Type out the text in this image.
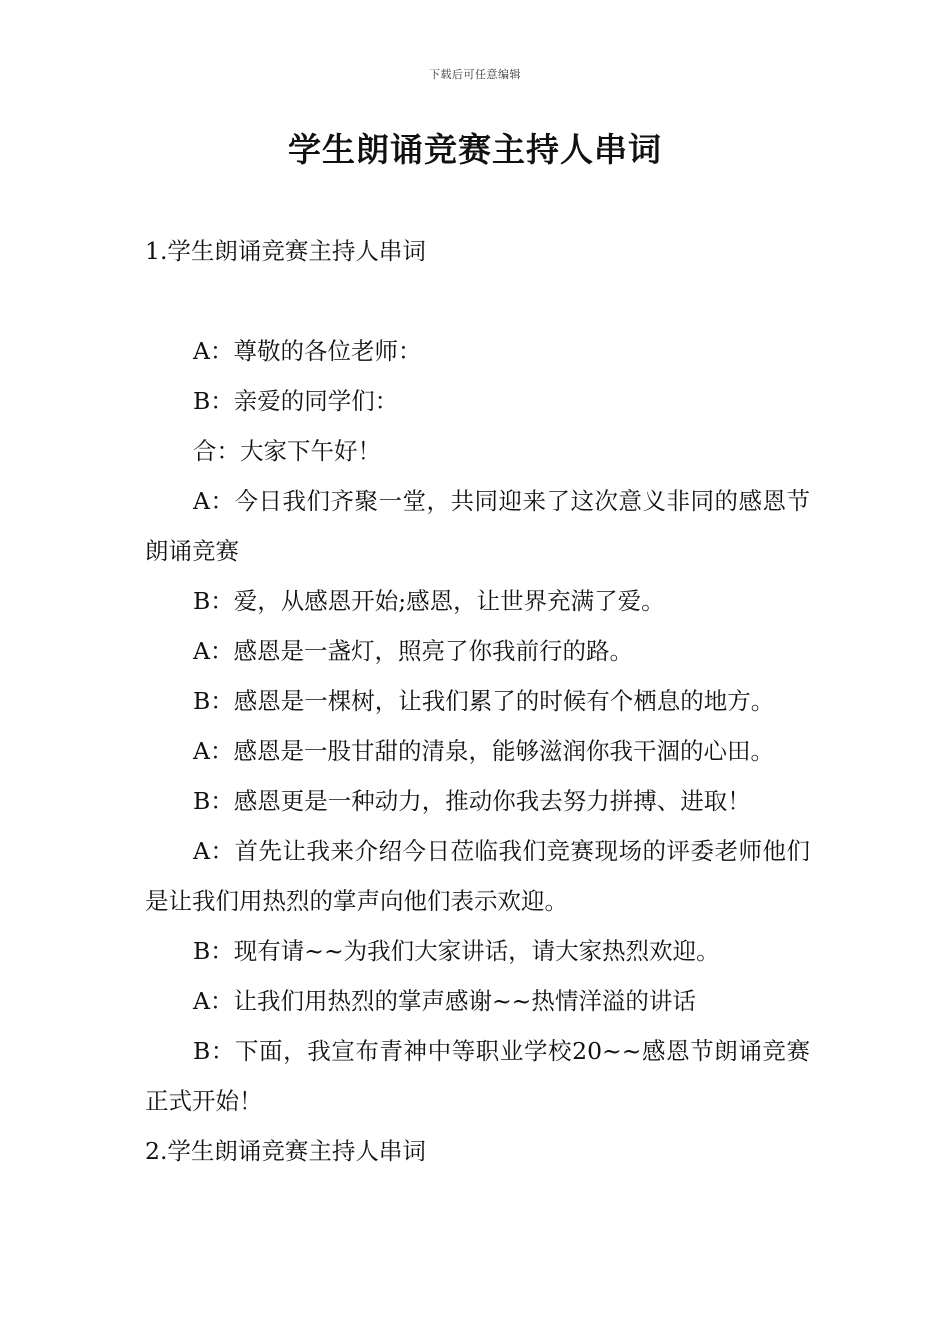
下载后可任意编辑
学生朗诵竞赛主持人串词
1.学生朗诵竞赛主持人串词

A：尊敬的各位老师：

B：亲爱的同学们：

合：大家下午好！

A：今日我们齐聚一堂，共同迎来了这次意义非同的感恩节朗诵竞赛

B：爱，从感恩开始;感恩，让世界充满了爱。

A：感恩是一盏灯，照亮了你我前行的路。

B：感恩是一棵树，让我们累了的时候有个栖息的地方。

A：感恩是一股甘甜的清泉，能够滋润你我干涸的心田。

B：感恩更是一种动力，推动你我去努力拼搏、进取！

A：首先让我来介绍今日莅临我们竞赛现场的评委老师他们是让我们用热烈的掌声向他们表示欢迎。

B：现有请~~为我们大家讲话，请大家热烈欢迎。

A：让我们用热烈的掌声感谢~~热情洋溢的讲话

B：下面，我宣布青神中等职业学校20~~感恩节朗诵竞赛正式开始！

2.学生朗诵竞赛主持人串词
